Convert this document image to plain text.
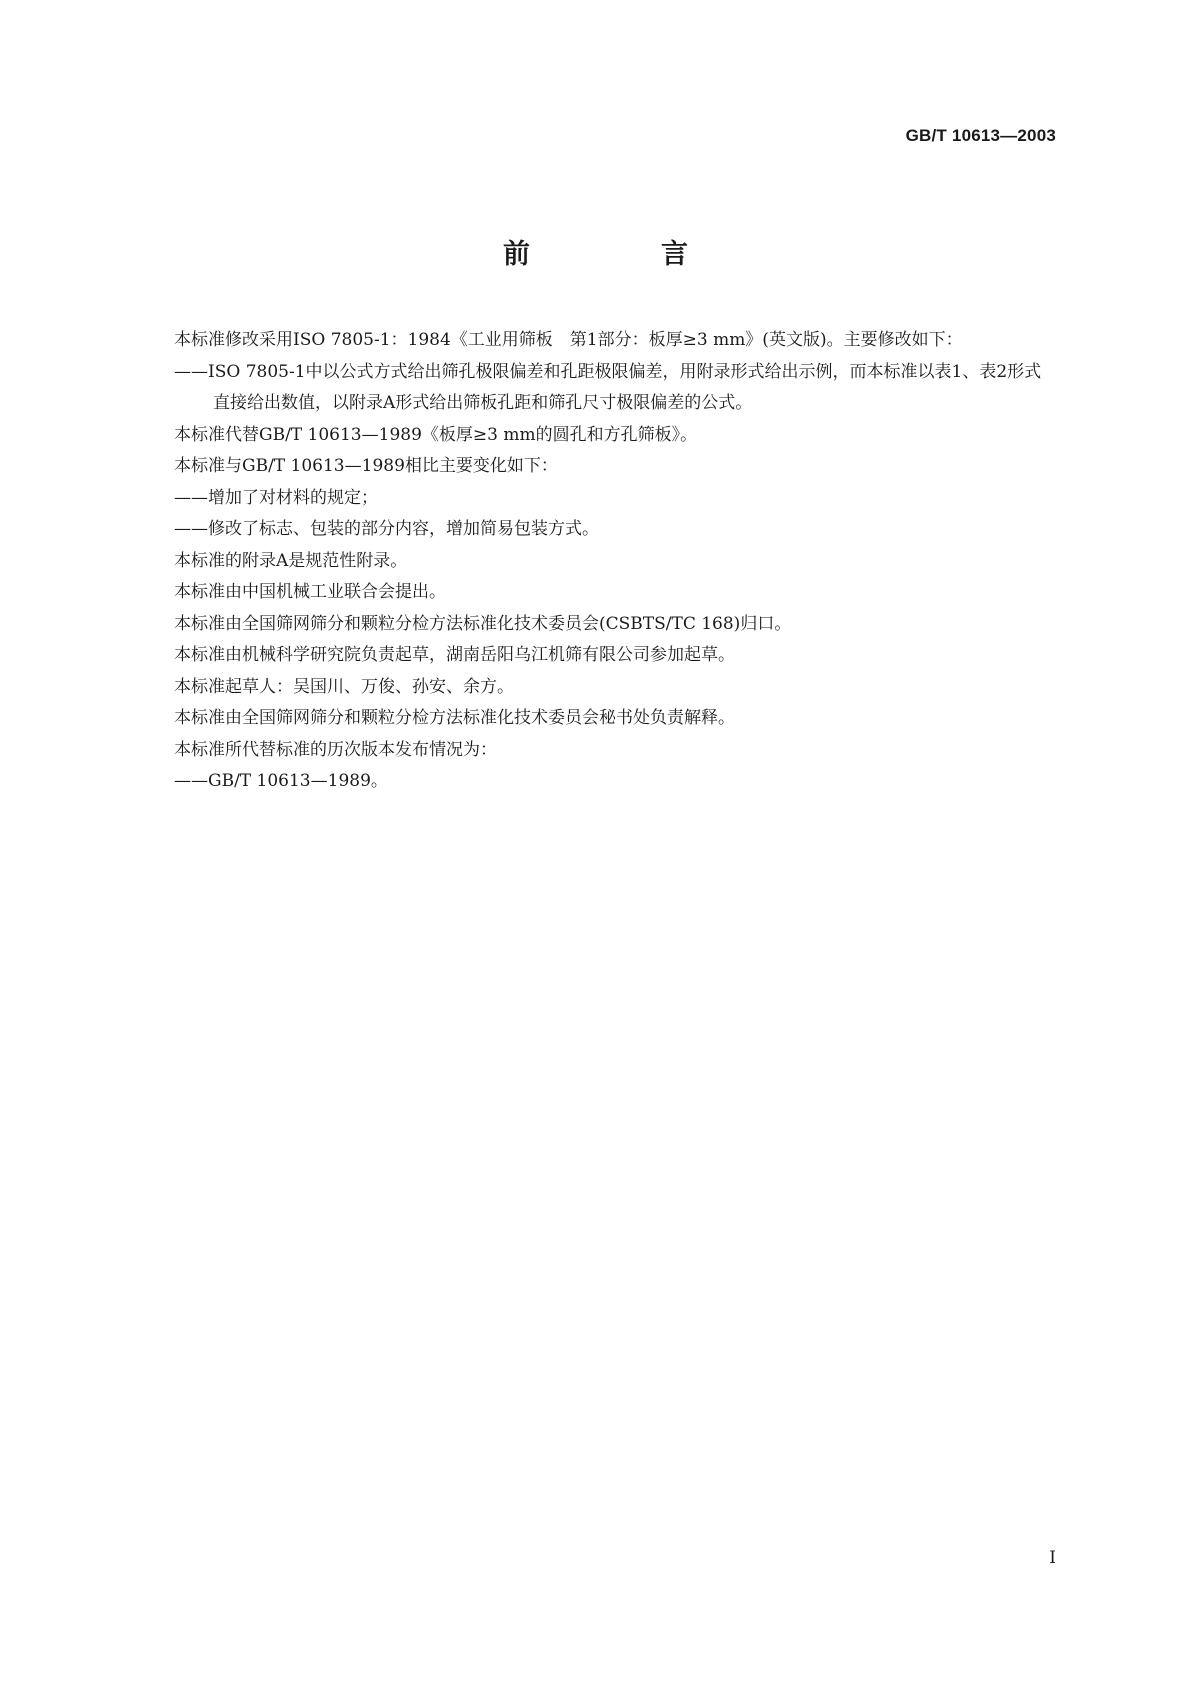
GB/T 10613—2003
前　言

本标准修改采用ISO 7805-1：1984《工业用筛板　第1部分：板厚≥3 mm》(英文版)。主要修改如下：

——ISO 7805-1中以公式方式给出筛孔极限偏差和孔距极限偏差，用附录形式给出示例，而本标准以表1、表2形式直接给出数值，以附录A形式给出筛板孔距和筛孔尺寸极限偏差的公式。

本标准代替GB/T 10613—1989《板厚≥3 mm的圆孔和方孔筛板》。

本标准与GB/T 10613—1989相比主要变化如下：

——增加了对材料的规定；

——修改了标志、包装的部分内容，增加简易包装方式。

本标准的附录A是规范性附录。

本标准由中国机械工业联合会提出。

本标准由全国筛网筛分和颗粒分检方法标准化技术委员会(CSBTS/TC 168)归口。

本标准由机械科学研究院负责起草，湖南岳阳乌江机筛有限公司参加起草。

本标准起草人：吴国川、万俊、孙安、余方。

本标准由全国筛网筛分和颗粒分检方法标准化技术委员会秘书处负责解释。

本标准所代替标准的历次版本发布情况为：

——GB/T 10613—1989。

I
